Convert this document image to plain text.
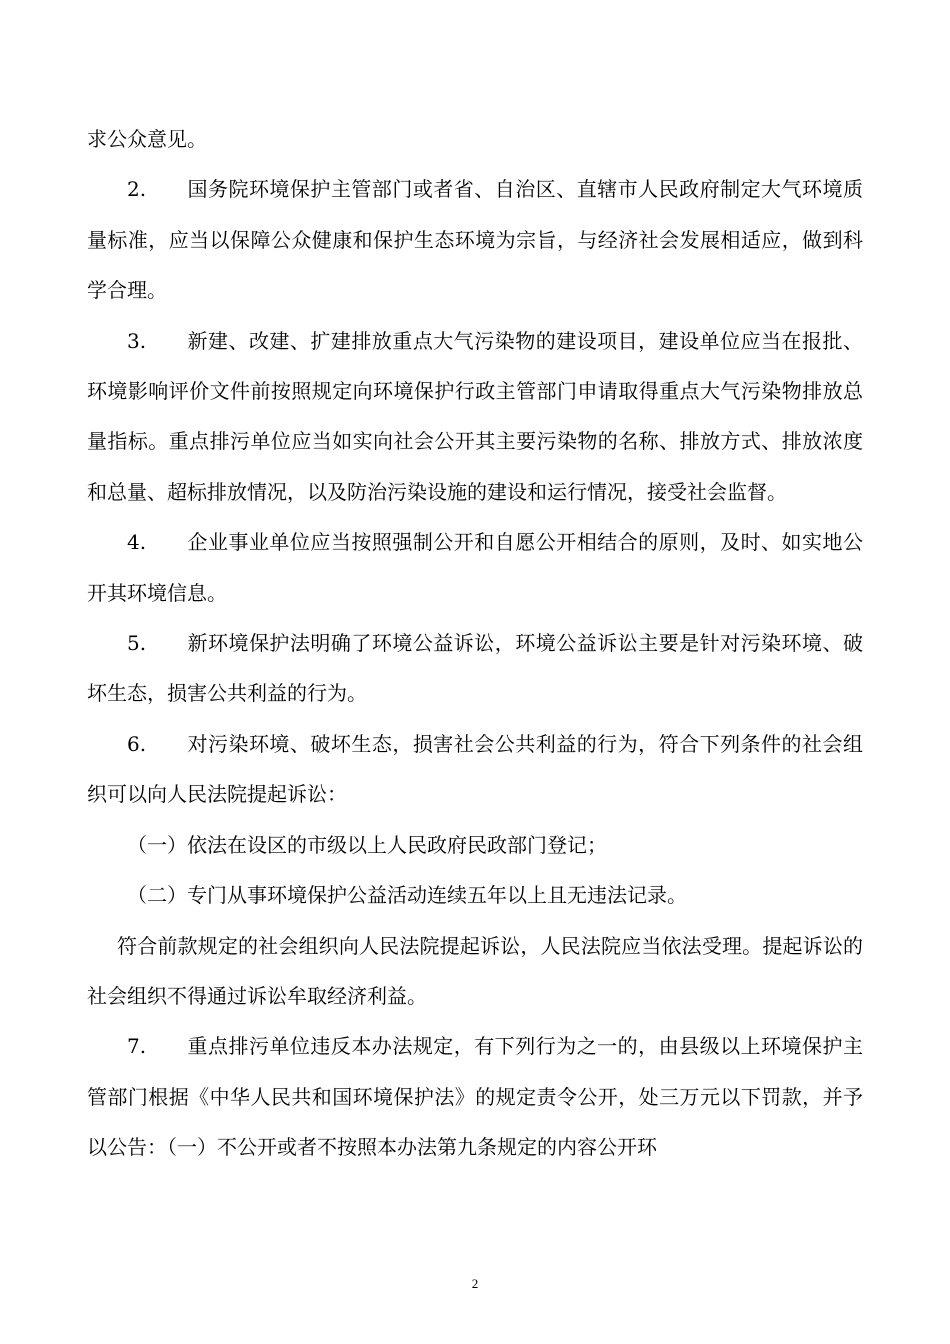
求公众意见。

2. 国务院环境保护主管部门或者省、自治区、直辖市人民政府制定大气环境质量标准，应当以保障公众健康和保护生态环境为宗旨，与经济社会发展相适应，做到科学合理。

3. 新建、改建、扩建排放重点大气污染物的建设项目，建设单位应当在报批、环境影响评价文件前按照规定向环境保护行政主管部门申请取得重点大气污染物排放总量指标。重点排污单位应当如实向社会公开其主要污染物的名称、排放方式、排放浓度和总量、超标排放情况，以及防治污染设施的建设和运行情况，接受社会监督。

4. 企业事业单位应当按照强制公开和自愿公开相结合的原则，及时、如实地公开其环境信息。

5. 新环境保护法明确了环境公益诉讼，环境公益诉讼主要是针对污染环境、破坏生态，损害公共利益的行为。

6. 对污染环境、破坏生态，损害社会公共利益的行为，符合下列条件的社会组织可以向人民法院提起诉讼：

（一）依法在设区的市级以上人民政府民政部门登记；

（二）专门从事环境保护公益活动连续五年以上且无违法记录。

符合前款规定的社会组织向人民法院提起诉讼，人民法院应当依法受理。提起诉讼的社会组织不得通过诉讼牟取经济利益。

7. 重点排污单位违反本办法规定，有下列行为之一的，由县级以上环境保护主管部门根据《中华人民共和国环境保护法》的规定责令公开，处三万元以下罚款，并予以公告：（一）不公开或者不按照本办法第九条规定的内容公开环

2
